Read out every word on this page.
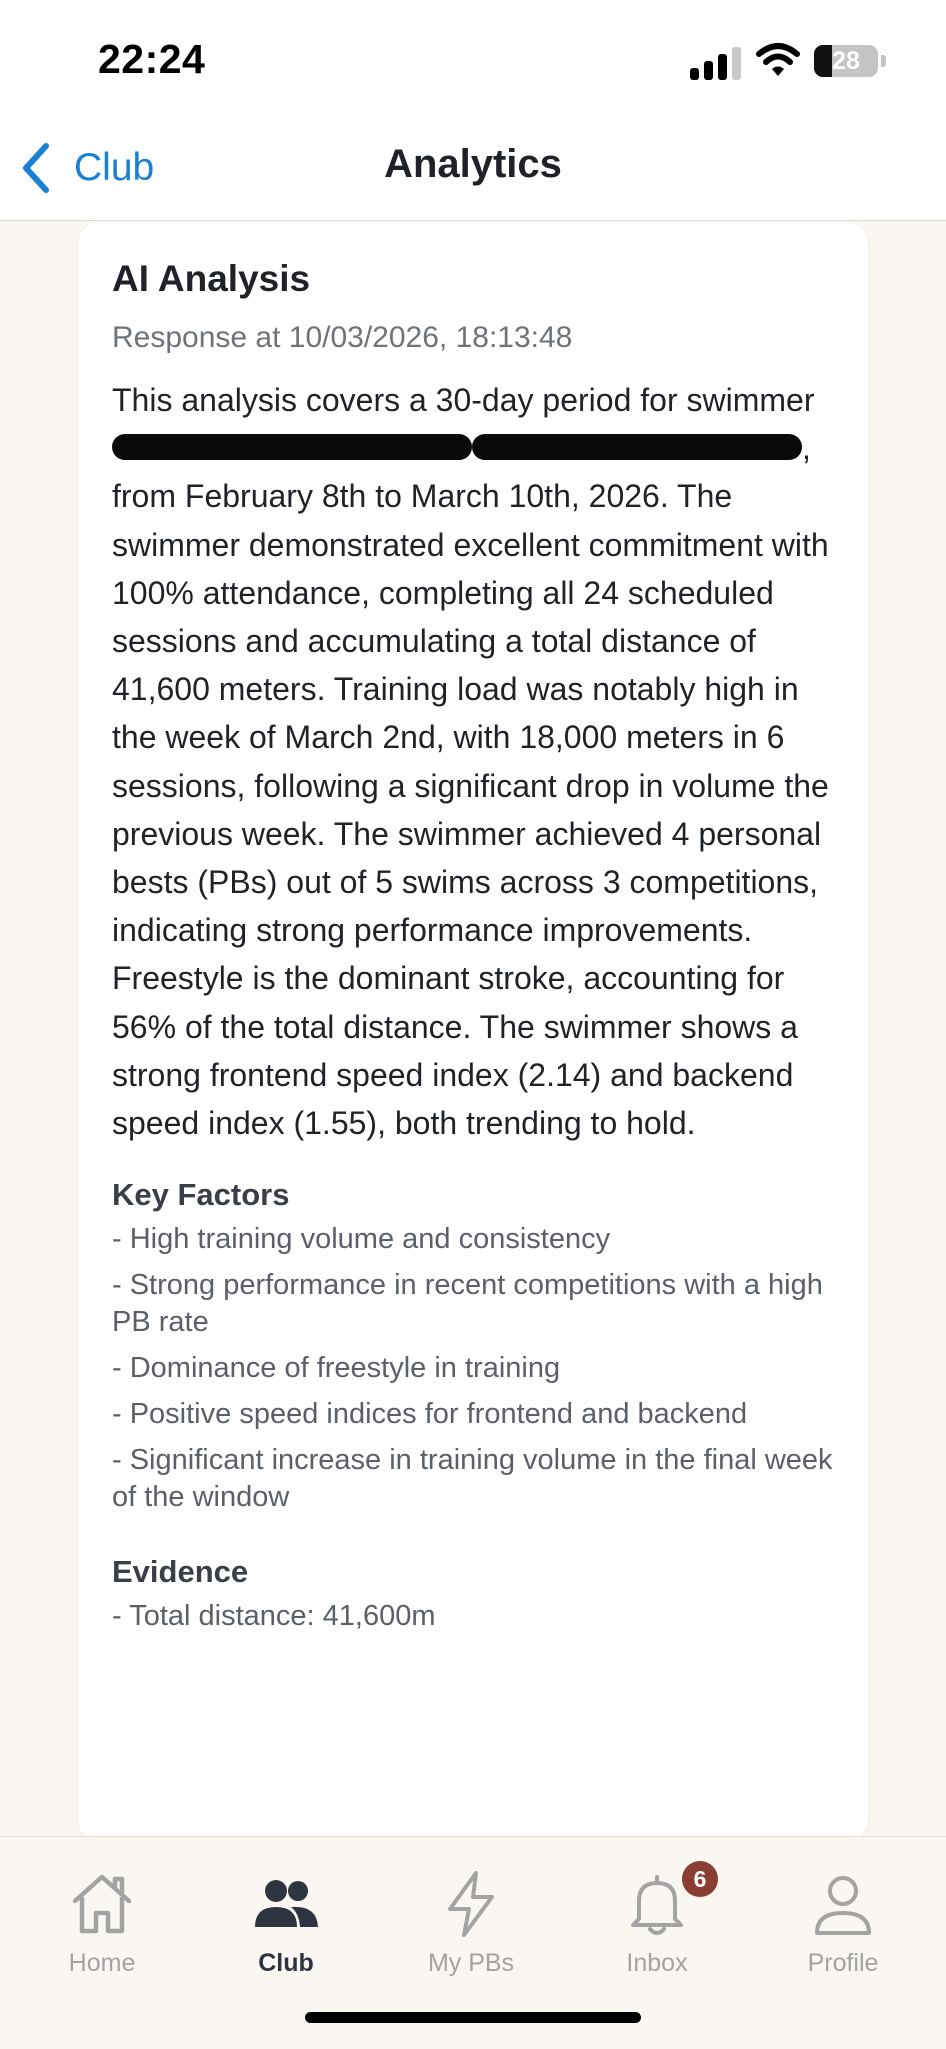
22:24	28
Club	Analytics
AI Analysis
Response at 10/03/2026, 18:13:48
This analysis covers a 30-day period for swimmer , from February 8th to March 10th, 2026. The swimmer demonstrated excellent commitment with 100% attendance, completing all 24 scheduled sessions and accumulating a total distance of 41,600 meters. Training load was notably high in the week of March 2nd, with 18,000 meters in 6 sessions, following a significant drop in volume the previous week. The swimmer achieved 4 personal bests (PBs) out of 5 swims across 3 competitions, indicating strong performance improvements. Freestyle is the dominant stroke, accounting for 56% of the total distance. The swimmer shows a strong frontend speed index (2.14) and backend speed index (1.55), both trending to hold.
Key Factors
- High training volume and consistency
- Strong performance in recent competitions with a high PB rate
- Dominance of freestyle in training
- Positive speed indices for frontend and backend
- Significant increase in training volume in the final week of the window
Evidence
- Total distance: 41,600m
Home	Club	My PBs
6
Inbox	Profile
